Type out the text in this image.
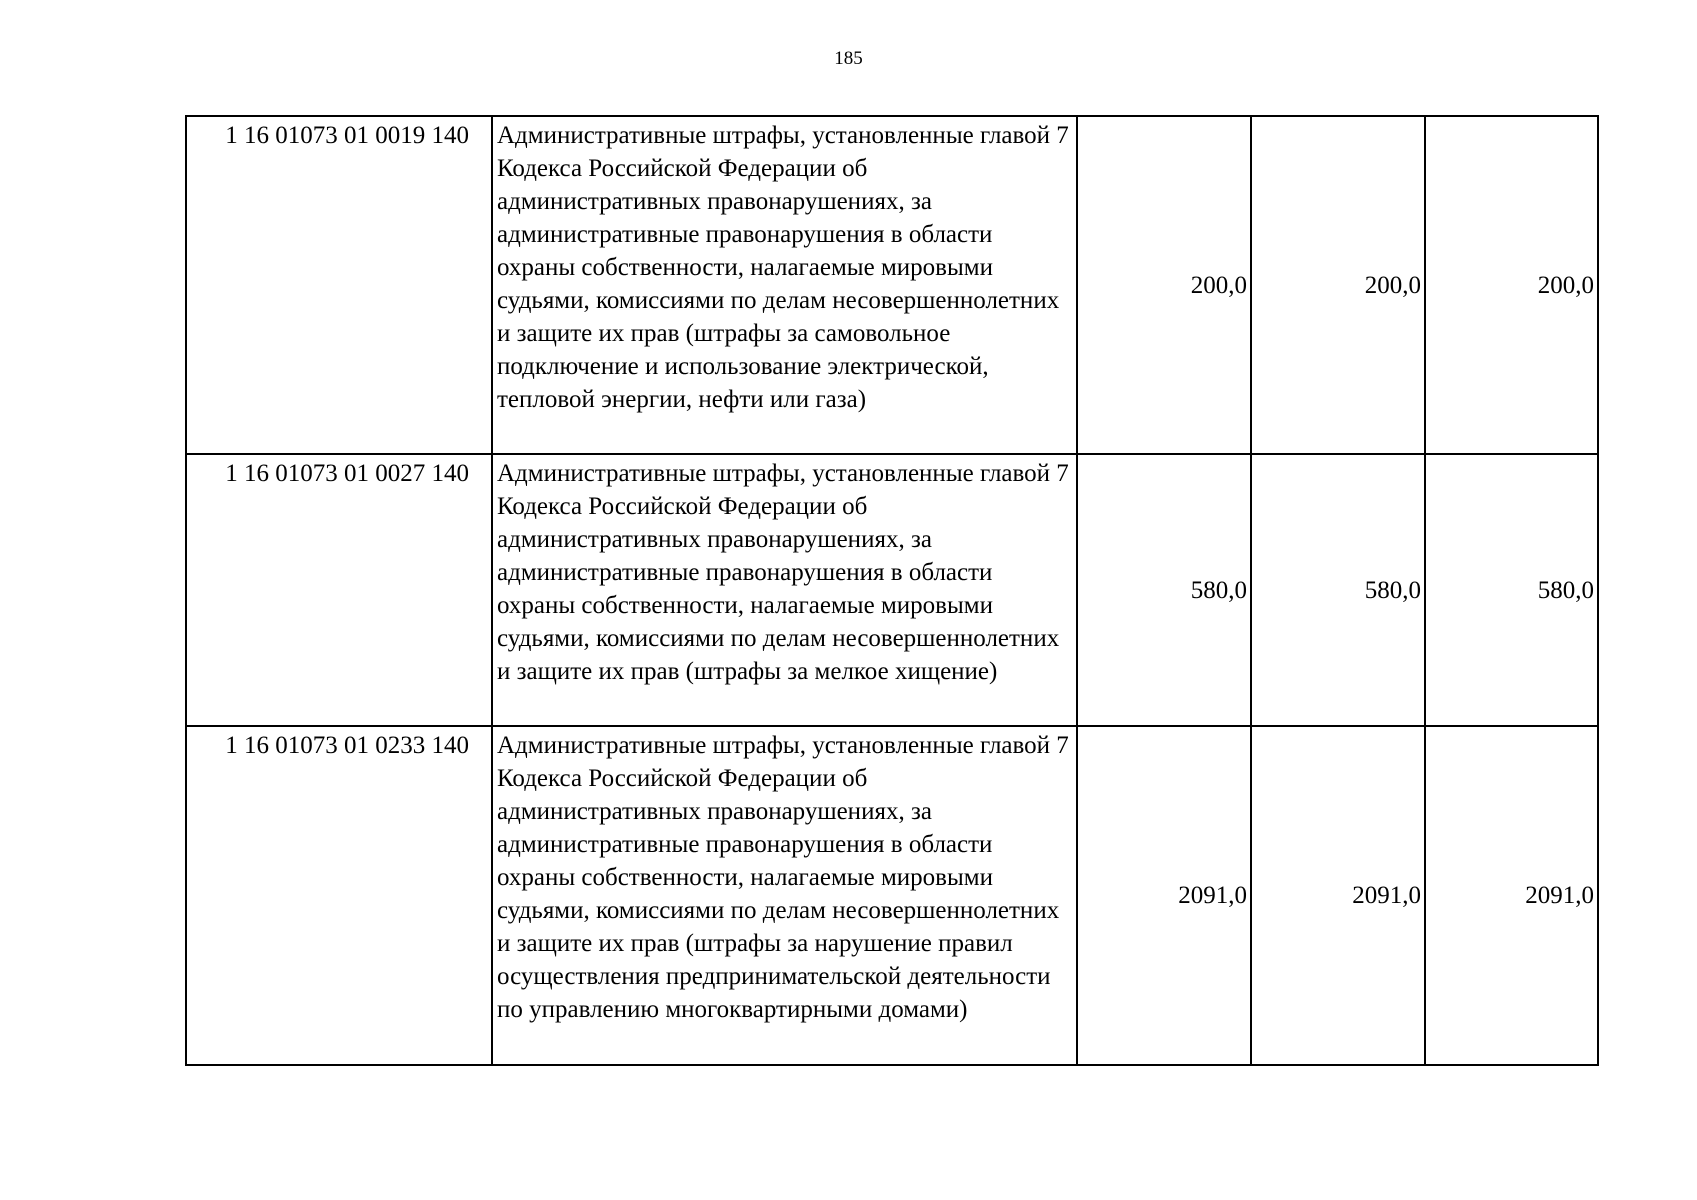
185
1 16 01073 01 0019 140	Административные штрафы, установленные главой 7 Кодекса Российской Федерации об административных правонарушениях, за административные правонарушения в области охраны собственности, налагаемые мировыми судьями, комиссиями по делам несовершеннолетних и защите их прав (штрафы за самовольное подключение и использование электрической, тепловой энергии, нефти или газа)	200,0	200,0	200,0
1 16 01073 01 0027 140	Административные штрафы, установленные главой 7 Кодекса Российской Федерации об административных правонарушениях, за административные правонарушения в области охраны собственности, налагаемые мировыми судьями, комиссиями по делам несовершеннолетних и защите их прав (штрафы за мелкое хищение)	580,0	580,0	580,0
1 16 01073 01 0233 140	Административные штрафы, установленные главой 7 Кодекса Российской Федерации об административных правонарушениях, за административные правонарушения в области охраны собственности, налагаемые мировыми судьями, комиссиями по делам несовершеннолетних и защите их прав (штрафы за нарушение правил осуществления предпринимательской деятельности по управлению многоквартирными домами)	2091,0	2091,0	2091,0
